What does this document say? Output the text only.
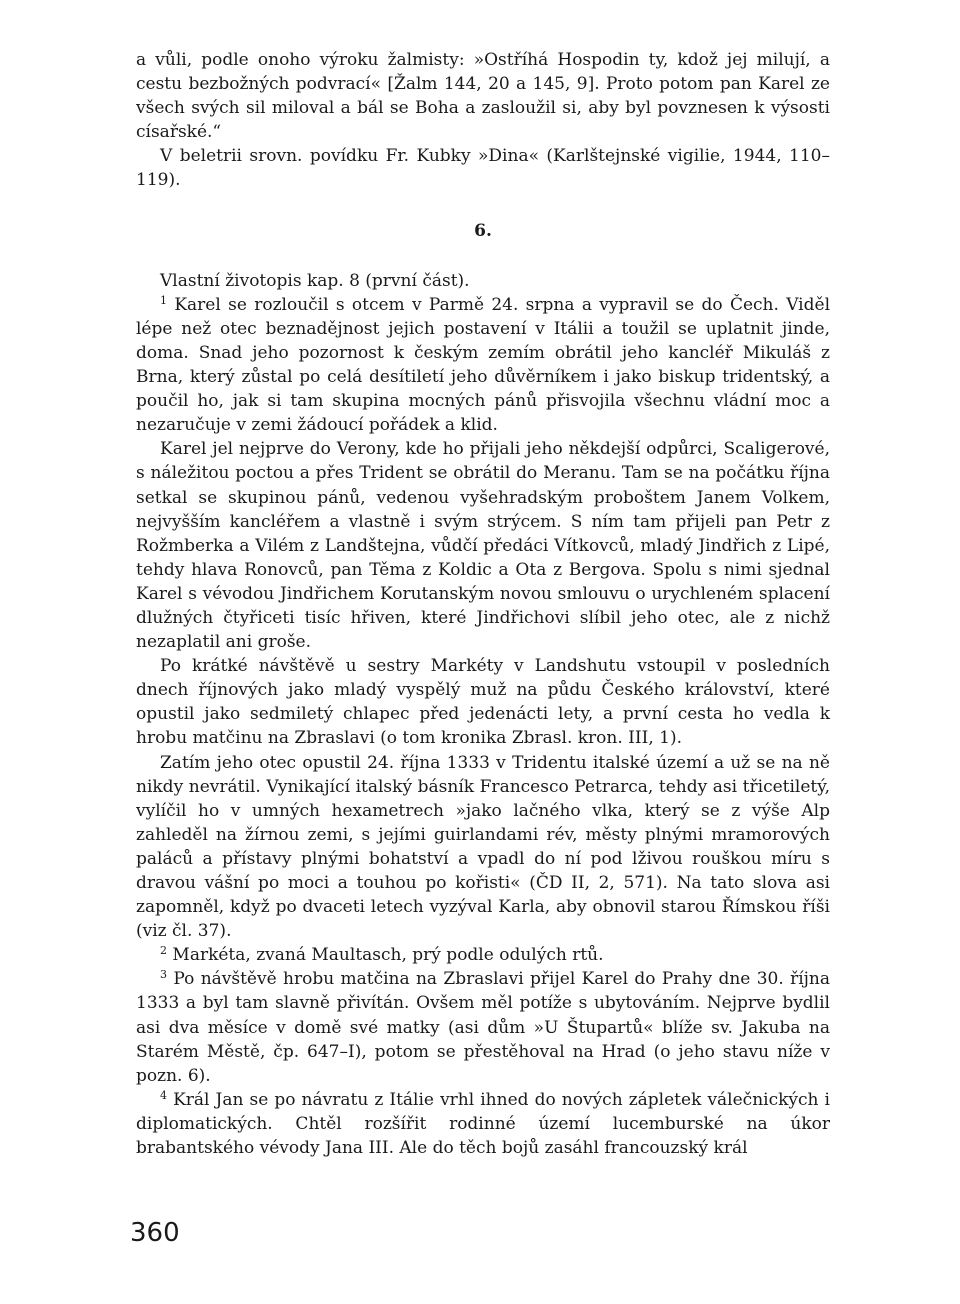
a vůli, podle onoho výroku žalmisty: »Ostříhá Hospodin ty, kdož jej milují, a cestu bezbožných podvrací« [Žalm 144, 20 a 145, 9]. Proto potom pan Karel ze všech svých sil miloval a bál se Boha a zasloužil si, aby byl povznesen k výsosti císařské.“

V beletrii srovn. povídku Fr. Kubky »Dina« (Karlštejnské vigilie, 1944, 110–119).

6.

Vlastní životopis kap. 8 (první část).

$^1$ Karel se rozloučil s otcem v Parmě 24. srpna a vypravil se do Čech. Viděl lépe než otec beznadějnost jejich postavení v Itálii a toužil se uplatnit jinde, doma. Snad jeho pozornost k českým zemím obrátil jeho kancléř Mikuláš z Brna, který zůstal po celá desítiletí jeho důvěrníkem i jako biskup tridentský, a poučil ho, jak si tam skupina mocných pánů přisvojila všechnu vládní moc a nezaručuje v zemi žádoucí pořádek a klid.

Karel jel nejprve do Verony, kde ho přijali jeho někdejší odpůrci, Scaligerové, s náležitou poctou a přes Trident se obrátil do Meranu. Tam se na počátku října setkal se skupinou pánů, vedenou vyšehradským proboštem Janem Volkem, nejvyšším kancléřem a vlastně i svým strýcem. S ním tam přijeli pan Petr z Rožmberka a Vilém z Landštejna, vůdčí předáci Vítkovců, mladý Jindřich z Lipé, tehdy hlava Ronovců, pan Těma z Koldic a Ota z Bergova. Spolu s nimi sjednal Karel s vévodou Jindřichem Korutanským novou smlouvu o urychleném splacení dlužných čtyřiceti tisíc hřiven, které Jindřichovi slíbil jeho otec, ale z nichž nezaplatil ani groše.

Po krátké návštěvě u sestry Markéty v Landshutu vstoupil v posledních dnech říjnových jako mladý vyspělý muž na půdu Českého království, které opustil jako sedmiletý chlapec před jedenácti lety, a první cesta ho vedla k hrobu matčinu na Zbraslavi (o tom kronika Zbrasl. kron. III, 1).

Zatím jeho otec opustil 24. října 1333 v Tridentu italské území a už se na ně nikdy nevrátil. Vynikající italský básník Francesco Petrarca, tehdy asi třicetiletý, vylíčil ho v umných hexametrech »jako lačného vlka, který se z výše Alp zahleděl na žírnou zemi, s jejími guirlandami rév, městy plnými mramorových paláců a přístavy plnými bohatství a vpadl do ní pod lživou rouškou míru s dravou vášní po moci a touhou po kořisti« (ČD II, 2, 571). Na tato slova asi zapomněl, když po dvaceti letech vyzýval Karla, aby obnovil starou Římskou říši (viz čl. 37).

$^2$ Markéta, zvaná Maultasch, prý podle odulých rtů.

$^3$ Po návštěvě hrobu matčina na Zbraslavi přijel Karel do Prahy dne 30. října 1333 a byl tam slavně přivítán. Ovšem měl potíže s ubytováním. Nejprve bydlil asi dva měsíce v domě své matky (asi dům »U Štupartů« blíže sv. Jakuba na Starém Městě, čp. 647–I), potom se přestěhoval na Hrad (o jeho stavu níže v pozn. 6).

$^4$ Král Jan se po návratu z Itálie vrhl ihned do nových zápletek válečnických i diplomatických. Chtěl rozšířit rodinné území lucemburské na úkor brabantského vévody Jana III. Ale do těch bojů zasáhl francouzský král

360
